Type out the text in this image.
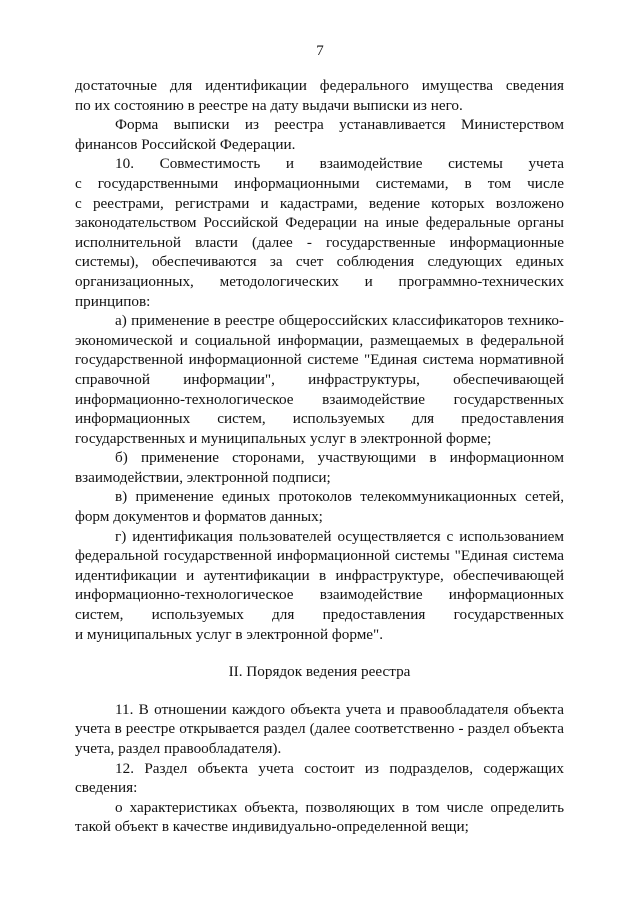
7
достаточные для идентификации федерального имущества сведения
по их состоянию в реестре на дату выдачи выписки из него.
Форма выписки из реестра устанавливается Министерством
финансов Российской Федерации.
10. Совместимость и взаимодействие системы учета
с государственными информационными системами, в том числе
с реестрами, регистрами и кадастрами, ведение которых возложено
законодательством Российской Федерации на иные федеральные органы
исполнительной власти (далее - государственные информационные
системы), обеспечиваются за счет соблюдения следующих единых
организационных, методологических и программно-технических
принципов:
а) применение в реестре общероссийских классификаторов технико-
экономической и социальной информации, размещаемых в федеральной
государственной информационной системе "Единая система нормативной
справочной информации", инфраструктуры, обеспечивающей
информационно-технологическое взаимодействие государственных
информационных систем, используемых для предоставления
государственных и муниципальных услуг в электронной форме;
б) применение сторонами, участвующими в информационном
взаимодействии, электронной подписи;
в) применение единых протоколов телекоммуникационных сетей,
форм документов и форматов данных;
г) идентификация пользователей осуществляется с использованием
федеральной государственной информационной системы "Единая система
идентификации и аутентификации в инфраструктуре, обеспечивающей
информационно-технологическое взаимодействие информационных
систем, используемых для предоставления государственных
и муниципальных услуг в электронной форме".
II. Порядок ведения реестра
11. В отношении каждого объекта учета и правообладателя объекта
учета в реестре открывается раздел (далее соответственно - раздел объекта
учета, раздел правообладателя).
12. Раздел объекта учета состоит из подразделов, содержащих
сведения:
о характеристиках объекта, позволяющих в том числе определить
такой объект в качестве индивидуально-определенной вещи;
